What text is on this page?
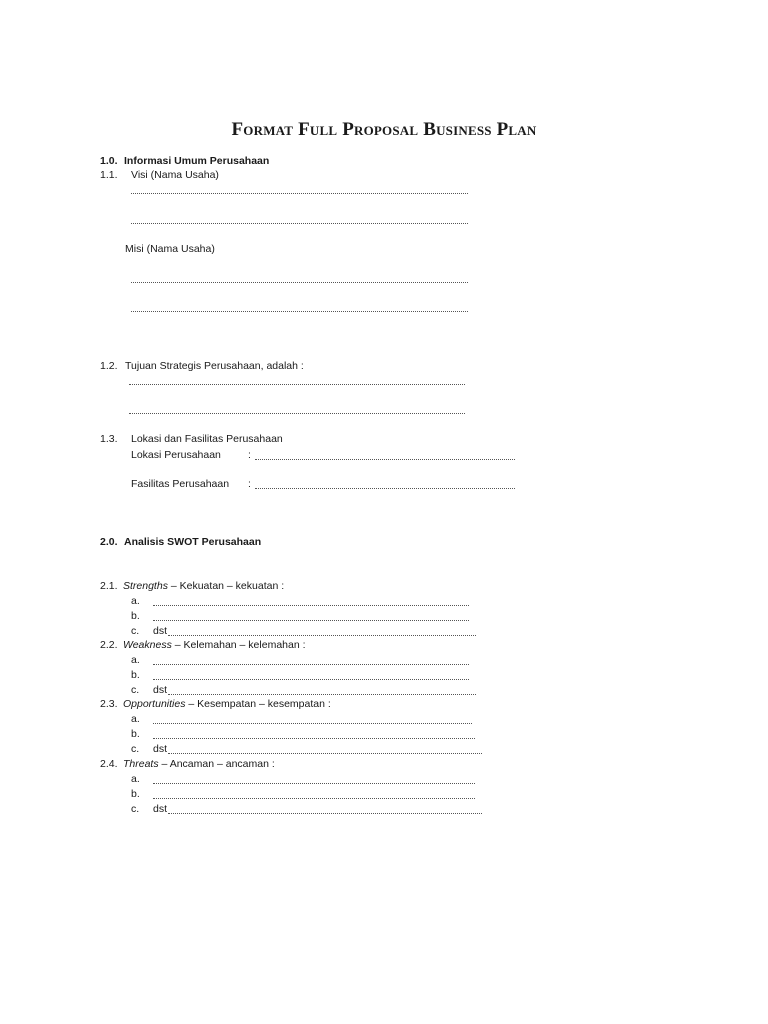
Format Full Proposal Business Plan
1.0. Informasi Umum Perusahaan
1.1. Visi (Nama Usaha)
Misi (Nama Usaha)
1.2. Tujuan Strategis Perusahaan, adalah :
1.3. Lokasi dan Fasilitas Perusahaan
Lokasi Perusahaan	:
Fasilitas Perusahaan :
2.0. Analisis SWOT Perusahaan
2.1. Strengths – Kekuatan – kekuatan :
a.
b.
c. dst
2.2. Weakness – Kelemahan – kelemahan :
a.
b.
c. dst
2.3. Opportunities – Kesempatan – kesempatan :
a.
b.
c. dst
2.4. Threats – Ancaman – ancaman :
a.
b.
c. dst
